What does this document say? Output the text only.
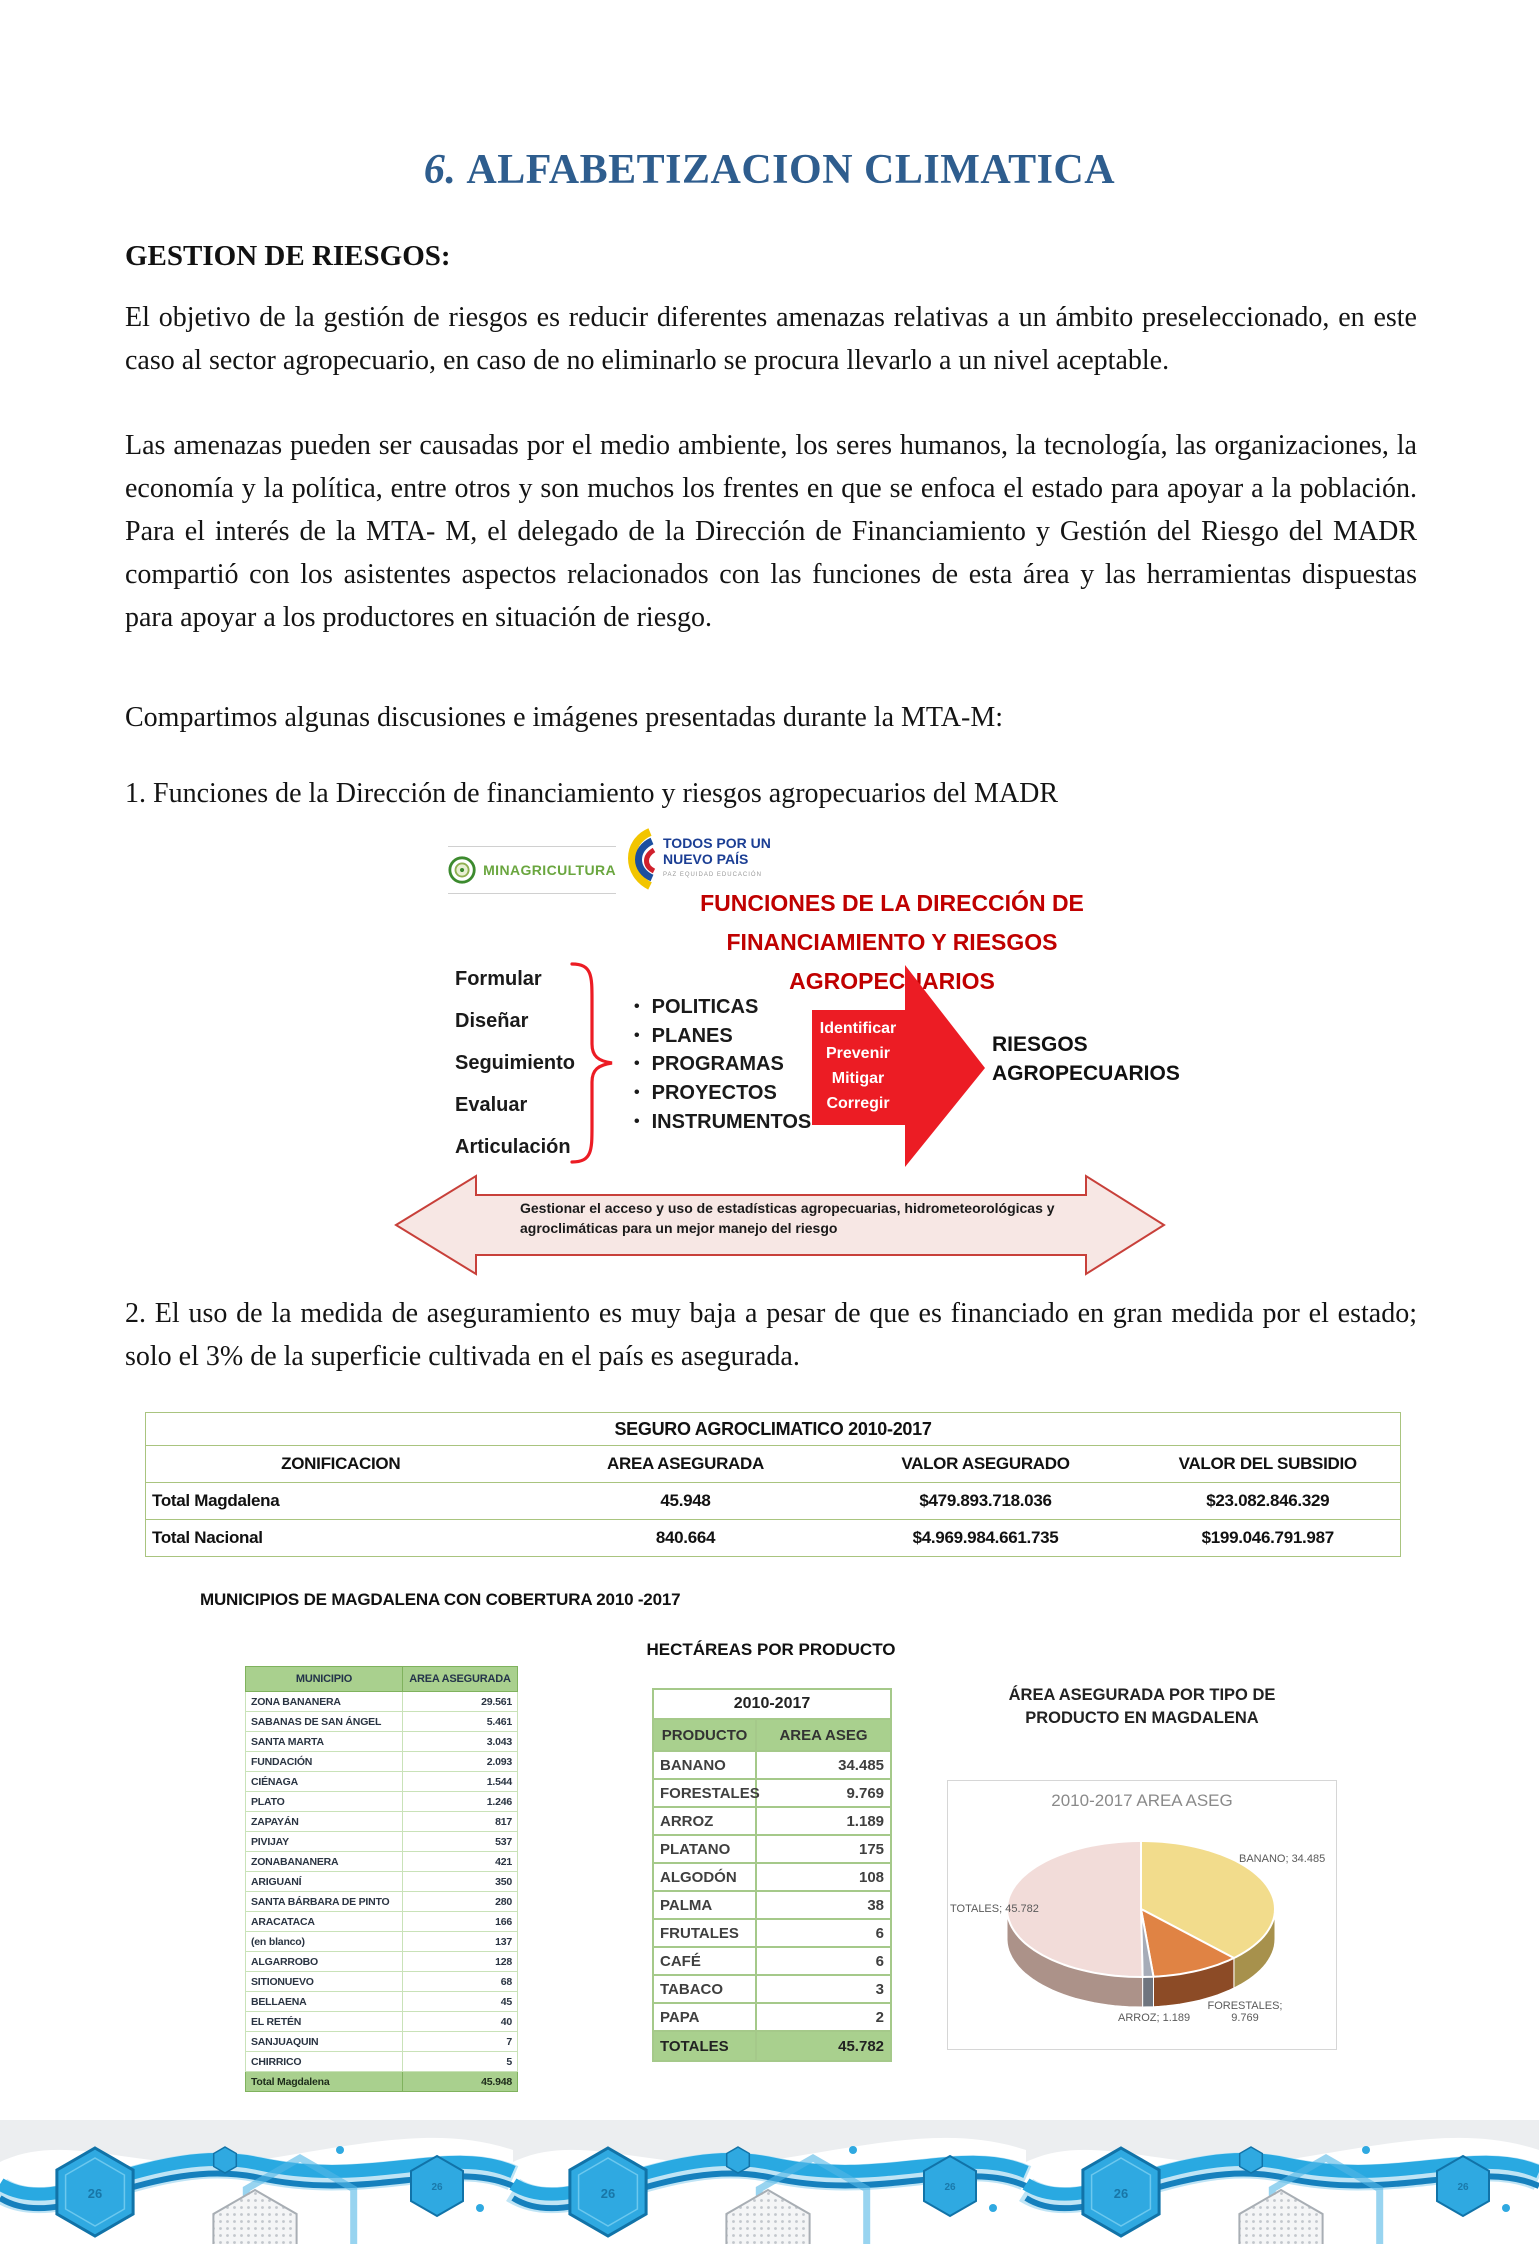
6. ALFABETIZACION CLIMATICA
GESTION DE RIESGOS:

El objetivo de la gestión de riesgos es reducir diferentes amenazas relativas a un ámbito preseleccionado, en este caso al sector agropecuario, en caso de no eliminarlo se procura llevarlo a un nivel aceptable.

Las amenazas pueden ser causadas por el medio ambiente, los seres humanos, la tecnología, las organizaciones, la economía y la política, entre otros y son muchos los frentes en que se enfoca el estado para apoyar a la población. Para el interés de la MTA- M, el delegado de la Dirección de Financiamiento y Gestión del Riesgo del MADR compartió con los asistentes aspectos relacionados con las funciones de esta área y las herramientas dispuestas para apoyar a los productores en situación de riesgo.

Compartimos algunas discusiones e imágenes presentadas durante la MTA-M:

1. Funciones de la Dirección de financiamiento y riesgos agropecuarios del MADR

MINAGRICULTURA
TODOS POR UN
NUEVO PAÍS
PAZ EQUIDAD EDUCACIÓN
FUNCIONES DE LA DIRECCIÓN DE
FINANCIAMIENTO Y RIESGOS AGROPECUARIOS
Formular
Diseñar
Seguimiento
Evaluar
Articulación
• POLITICAS
• PLANES
• PROGRAMAS
• PROYECTOS
• INSTRUMENTOS
Identificar
Prevenir
Mitigar
Corregir
RIESGOS
AGROPECUARIOS
Gestionar el acceso y uso de estadísticas agropecuarias, hidrometeorológicas y agroclimáticas para un mejor manejo del riesgo

2. El uso de la medida de aseguramiento es muy baja a pesar de que es financiado en gran medida por el estado; solo el 3% de la superficie cultivada en el país es asegurada.

SEGURO AGROCLIMATICO 2010-2017			
ZONIFICACION	AREA ASEGURADA	VALOR ASEGURADO	VALOR DEL SUBSIDIO
Total Magdalena	45.948	$479.893.718.036	$23.082.846.329
Total Nacional	840.664	$4.969.984.661.735	$199.046.791.987
MUNICIPIOS DE MAGDALENA CON COBERTURA 2010 -2017
MUNICIPIO	AREA ASEGURADA
ZONA BANANERA	29.561
SABANAS DE SAN ÁNGEL	5.461
SANTA MARTA	3.043
FUNDACIÓN	2.093
CIÉNAGA	1.544
PLATO	1.246
ZAPAYÁN	817
PIVIJAY	537
ZONABANANERA	421
ARIGUANÍ	350
SANTA BÁRBARA DE PINTO	280
ARACATACA	166
(en blanco)	137
ALGARROBO	128
SITIONUEVO	68
BELLAENA	45
EL RETÉN	40
SANJUAQUIN	7
CHIRRICO	5
Total Magdalena	45.948
HECTÁREAS POR PRODUCTO
2010-2017	
PRODUCTO	AREA ASEG
BANANO	34.485
FORESTALES	9.769
ARROZ	1.189
PLATANO	175
ALGODÓN	108
PALMA	38
FRUTALES	6
CAFÉ	6
TABACO	3
PAPA	2
TOTALES	45.782
ÁREA ASEGURADA POR TIPO DE
PRODUCTO EN MAGDALENA
2010-2017 AREA ASEG
BANANO; 34.485
FORESTALES; 9.769
ARROZ; 1.189
TOTALES; 45.782
26	26
